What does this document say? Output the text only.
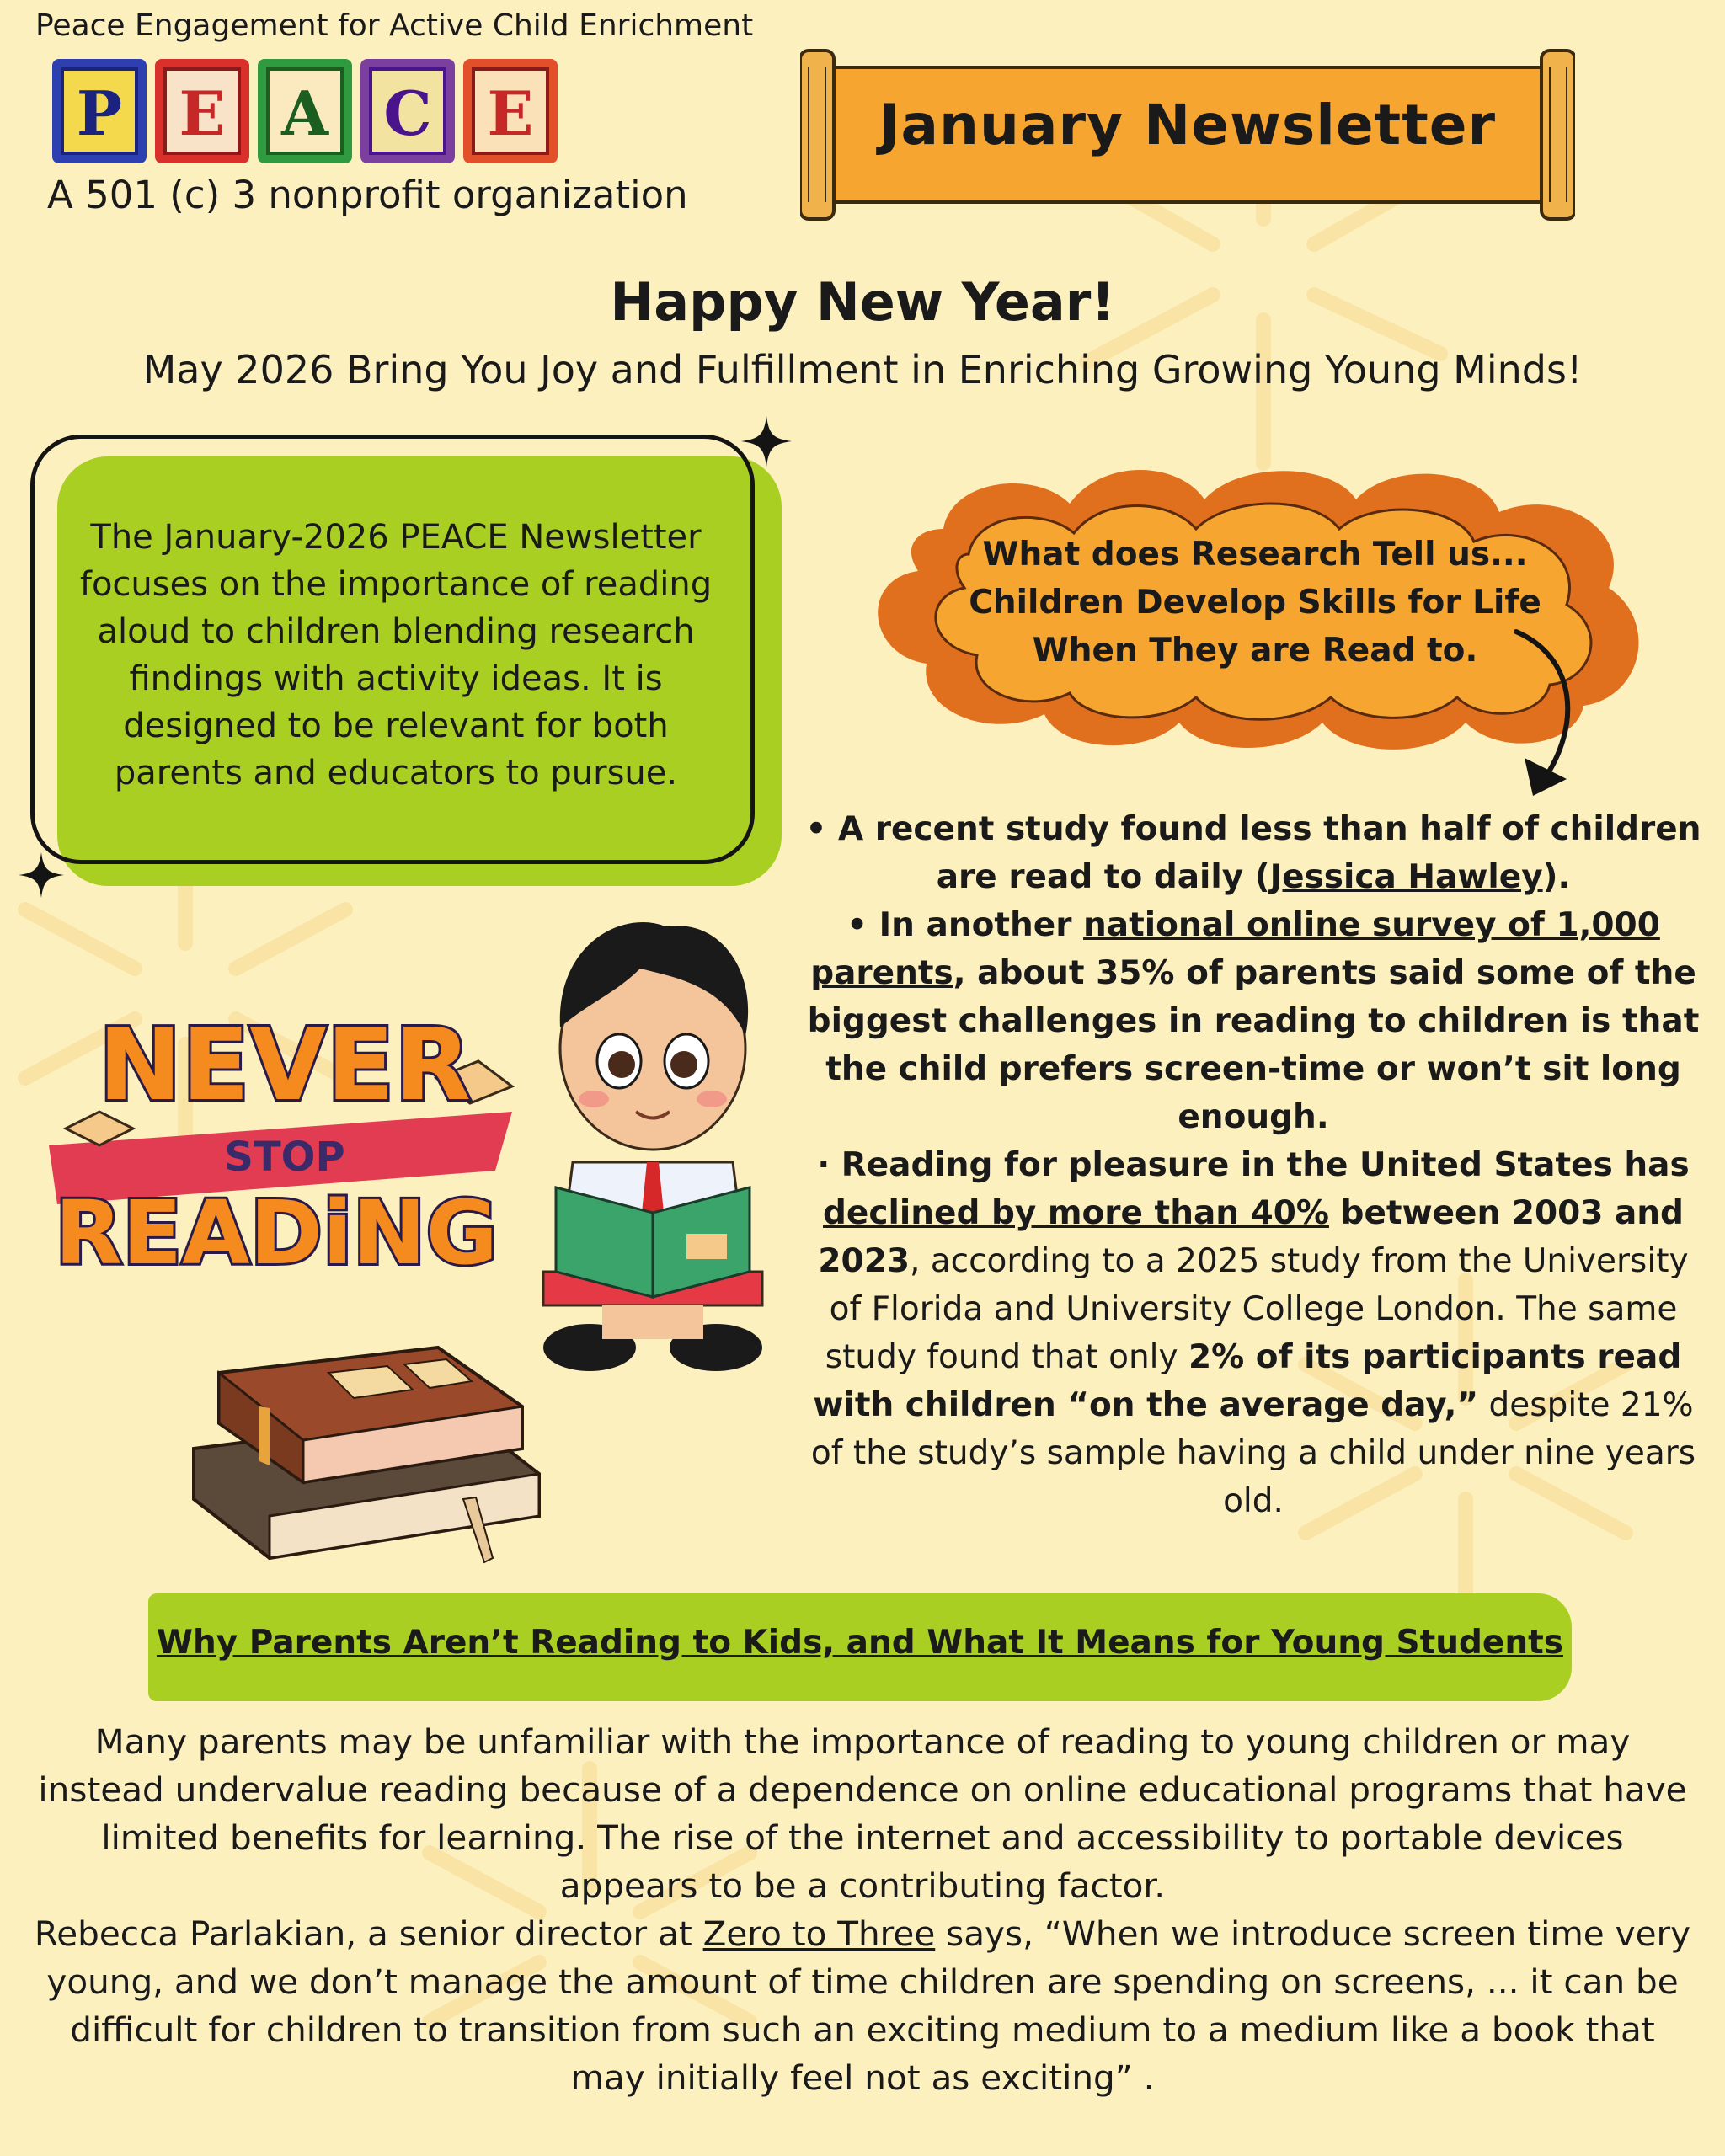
Peace Engagement for Active Child Enrichment
P E A C E
A 501 (c) 3 nonprofit organization
January Newsletter
Happy New Year!
May 2026 Bring You Joy and Fulfillment in Enriching Growing Young Minds!
The January-2026 PEACE Newsletter focuses on the importance of reading aloud to children blending research findings with activity ideas. It is designed to be relevant for both parents and educators to pursue.
What does Research Tell us...
Children Develop Skills for Life
When They are Read to.
• A recent study found less than half of children are read to daily (Jessica Hawley).
• In another national online survey of 1,000 parents, about 35% of parents said some of the biggest challenges in reading to children is that the child prefers screen-time or won’t sit long enough.
· Reading for pleasure in the United States has declined by more than 40% between 2003 and 2023, according to a 2025 study from the University of Florida and University College London. The same study found that only 2% of its participants read with children “on the average day,” despite 21% of the study’s sample having a child under nine years old.
NEVER
STOP
READiNG
Why Parents Aren’t Reading to Kids, and What It Means for Young Students
Many parents may be unfamiliar with the importance of reading to young children or may instead undervalue reading because of a dependence on online educational programs that have limited benefits for learning. The rise of the internet and accessibility to portable devices appears to be a contributing factor.
Rebecca Parlakian, a senior director at Zero to Three says, “When we introduce screen time very young, and we don’t manage the amount of time children are spending on screens, ... it can be difficult for children to transition from such an exciting medium to a medium like a book that may initially feel not as exciting” .
